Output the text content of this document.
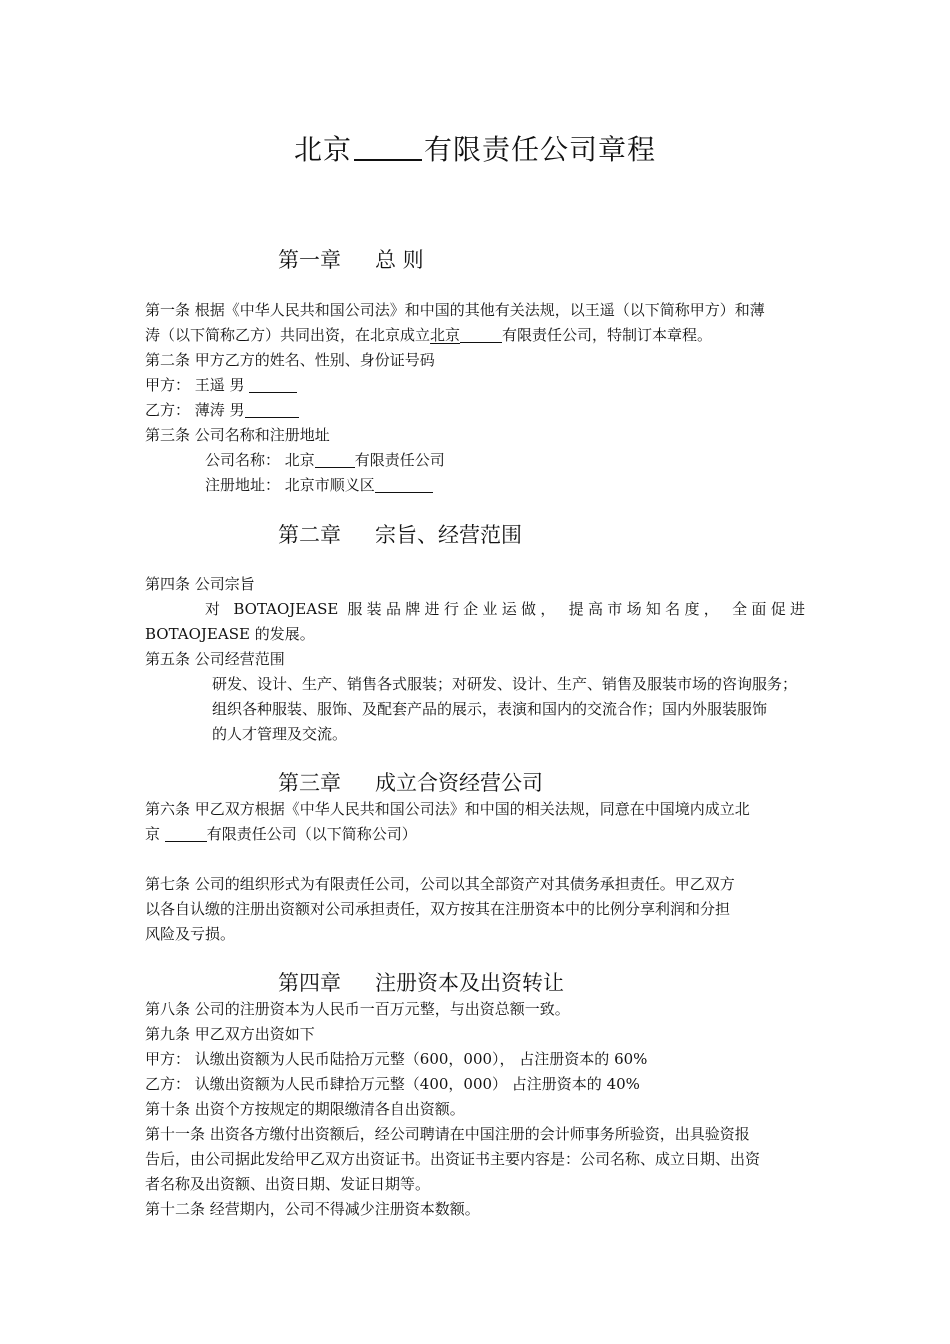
北京	有限责任公司章程
第一章 总 则
第一条 根据《中华人民共和国公司法》和中国的其他有关法规，以王遥（以下简称甲方）和薄
涛（以下简称乙方）共同出资，在北京成立北京	有限责任公司，特制订本章程。
第二条 甲方乙方的姓名、性别、身份证号码
甲方： 王遥 男
乙方： 薄涛 男
第三条 公司名称和注册地址
公司名称： 北京	有限责任公司
注册地址： 北京市顺义区
第二章 宗旨、经营范围
第四条 公司宗旨
对 BOTAOJEASE 服装品牌进行企业运做， 提高市场知名度， 全面促进
BOTAOJEASE 的发展。
第五条 公司经营范围
研发、设计、生产、销售各式服装；对研发、设计、生产、销售及服装市场的咨询服务；
组织各种服装、服饰、及配套产品的展示，表演和国内的交流合作；国内外服装服饰
的人才管理及交流。
第三章 成立合资经营公司
第六条 甲乙双方根据《中华人民共和国公司法》和中国的相关法规，同意在中国境内成立北
京	有限责任公司（以下简称公司）
第七条 公司的组织形式为有限责任公司，公司以其全部资产对其债务承担责任。甲乙双方
以各自认缴的注册出资额对公司承担责任，双方按其在注册资本中的比例分享利润和分担
风险及亏损。
第四章 注册资本及出资转让
第八条 公司的注册资本为人民币一百万元整，与出资总额一致。
第九条 甲乙双方出资如下
甲方： 认缴出资额为人民币陆拾万元整（600，000）， 占注册资本的 60%
乙方： 认缴出资额为人民币肆拾万元整（400，000） 占注册资本的 40%
第十条 出资个方按规定的期限缴清各自出资额。
第十一条 出资各方缴付出资额后，经公司聘请在中国注册的会计师事务所验资，出具验资报
告后，由公司据此发给甲乙双方出资证书。出资证书主要内容是：公司名称、成立日期、出资
者名称及出资额、出资日期、发证日期等。
第十二条 经营期内，公司不得减少注册资本数额。
